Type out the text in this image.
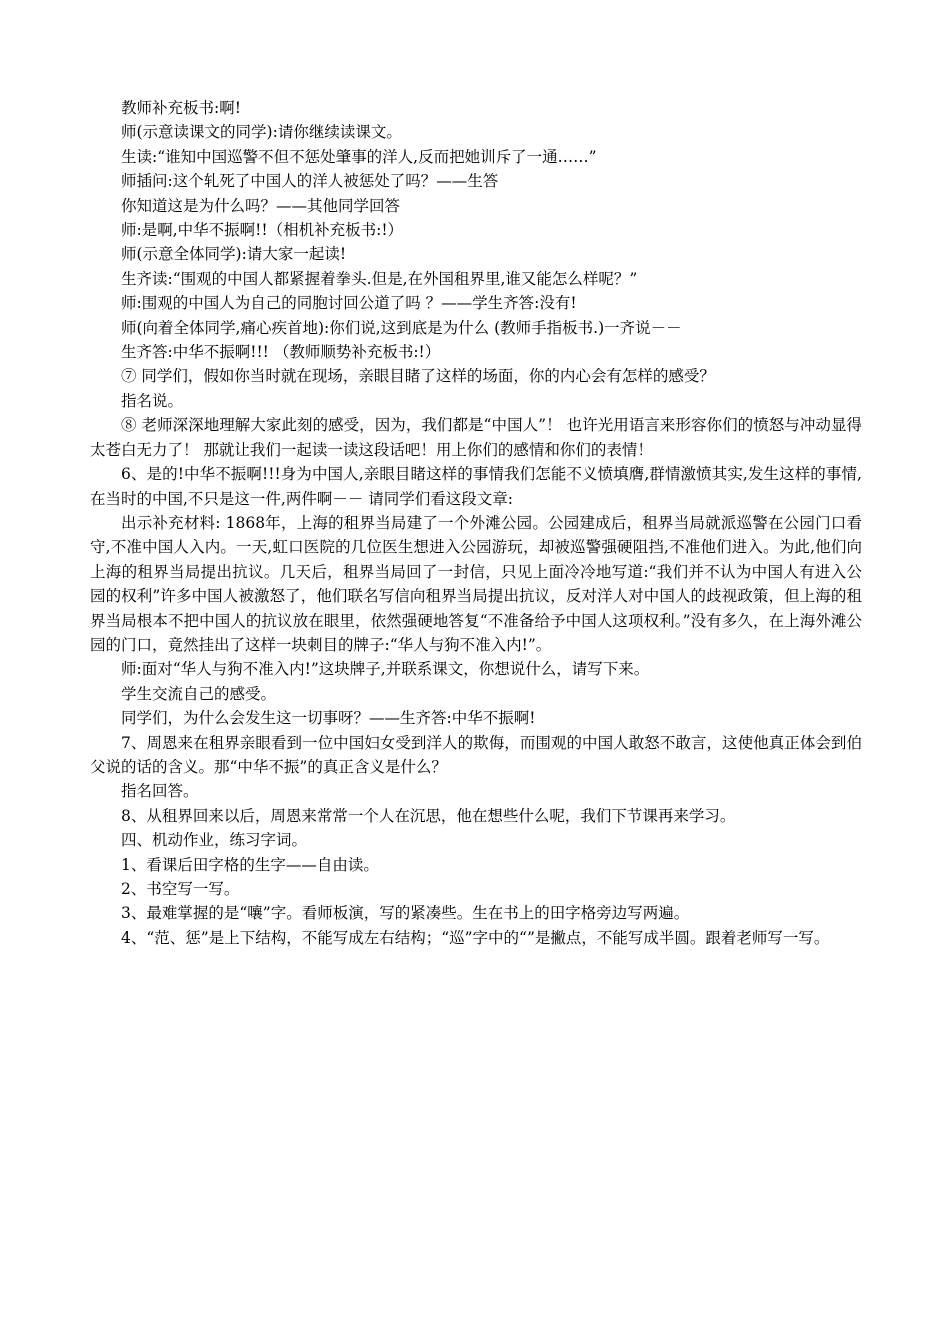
教师补充板书:啊!

师(示意读课文的同学):请你继续读课文。

生读:“谁知中国巡警不但不惩处肇事的洋人,反而把她训斥了一通……”

师插问:这个轧死了中国人的洋人被惩处了吗？——生答

你知道这是为什么吗？——其他同学回答

师:是啊,中华不振啊!!（相机补充板书:!）

师(示意全体同学):请大家一起读!

生齐读:“围观的中国人都紧握着拳头.但是,在外国租界里,谁又能怎么样呢？”

师:围观的中国人为自己的同胞讨回公道了吗 ？——学生齐答:没有!

师(向着全体同学,痛心疾首地):你们说,这到底是为什么 (教师手指板书.)一齐说－－

生齐答:中华不振啊!!! （教师顺势补充板书:!）

⑦ 同学们，假如你当时就在现场，亲眼目睹了这样的场面，你的内心会有怎样的感受？

指名说。

⑧ 老师深深地理解大家此刻的感受，因为，我们都是“中国人”！ 也许光用语言来形容你们的愤怒与冲动显得太苍白无力了！ 那就让我们一起读一读这段话吧！用上你们的感情和你们的表情！

6、是的!中华不振啊!!!身为中国人,亲眼目睹这样的事情我们怎能不义愤填膺,群情激愤其实,发生这样的事情,在当时的中国,不只是这一件,两件啊－－ 请同学们看这段文章:

出示补充材料: 1868年，上海的租界当局建了一个外滩公园。公园建成后，租界当局就派巡警在公园门口看守,不准中国人入内。一天,虹口医院的几位医生想进入公园游玩，却被巡警强硬阻挡,不准他们进入。为此,他们向上海的租界当局提出抗议。几天后，租界当局回了一封信，只见上面冷冷地写道:“我们并不认为中国人有进入公园的权利”许多中国人被激怒了，他们联名写信向租界当局提出抗议，反对洋人对中国人的歧视政策，但上海的租界当局根本不把中国人的抗议放在眼里，依然强硬地答复“不准备给予中国人这项权利。”没有多久，在上海外滩公园的门口，竟然挂出了这样一块刺目的牌子:“华人与狗不准入内!”。

师:面对“华人与狗不准入内!”这块牌子,并联系课文，你想说什么，请写下来。

学生交流自己的感受。

同学们，为什么会发生这一切事呀？——生齐答:中华不振啊!

7、周恩来在租界亲眼看到一位中国妇女受到洋人的欺侮，而围观的中国人敢怒不敢言，这使他真正体会到伯父说的话的含义。那“中华不振”的真正含义是什么？

指名回答。

8、从租界回来以后，周恩来常常一个人在沉思，他在想些什么呢，我们下节课再来学习。

四、机动作业，练习字词。

1、看课后田字格的生字——自由读。

2、书空写一写。

3、最难掌握的是“嚷”字。看师板演，写的紧凑些。生在书上的田字格旁边写两遍。

4、“范、惩”是上下结构，不能写成左右结构；“巡”字中的“”是撇点，不能写成半圆。跟着老师写一写。
